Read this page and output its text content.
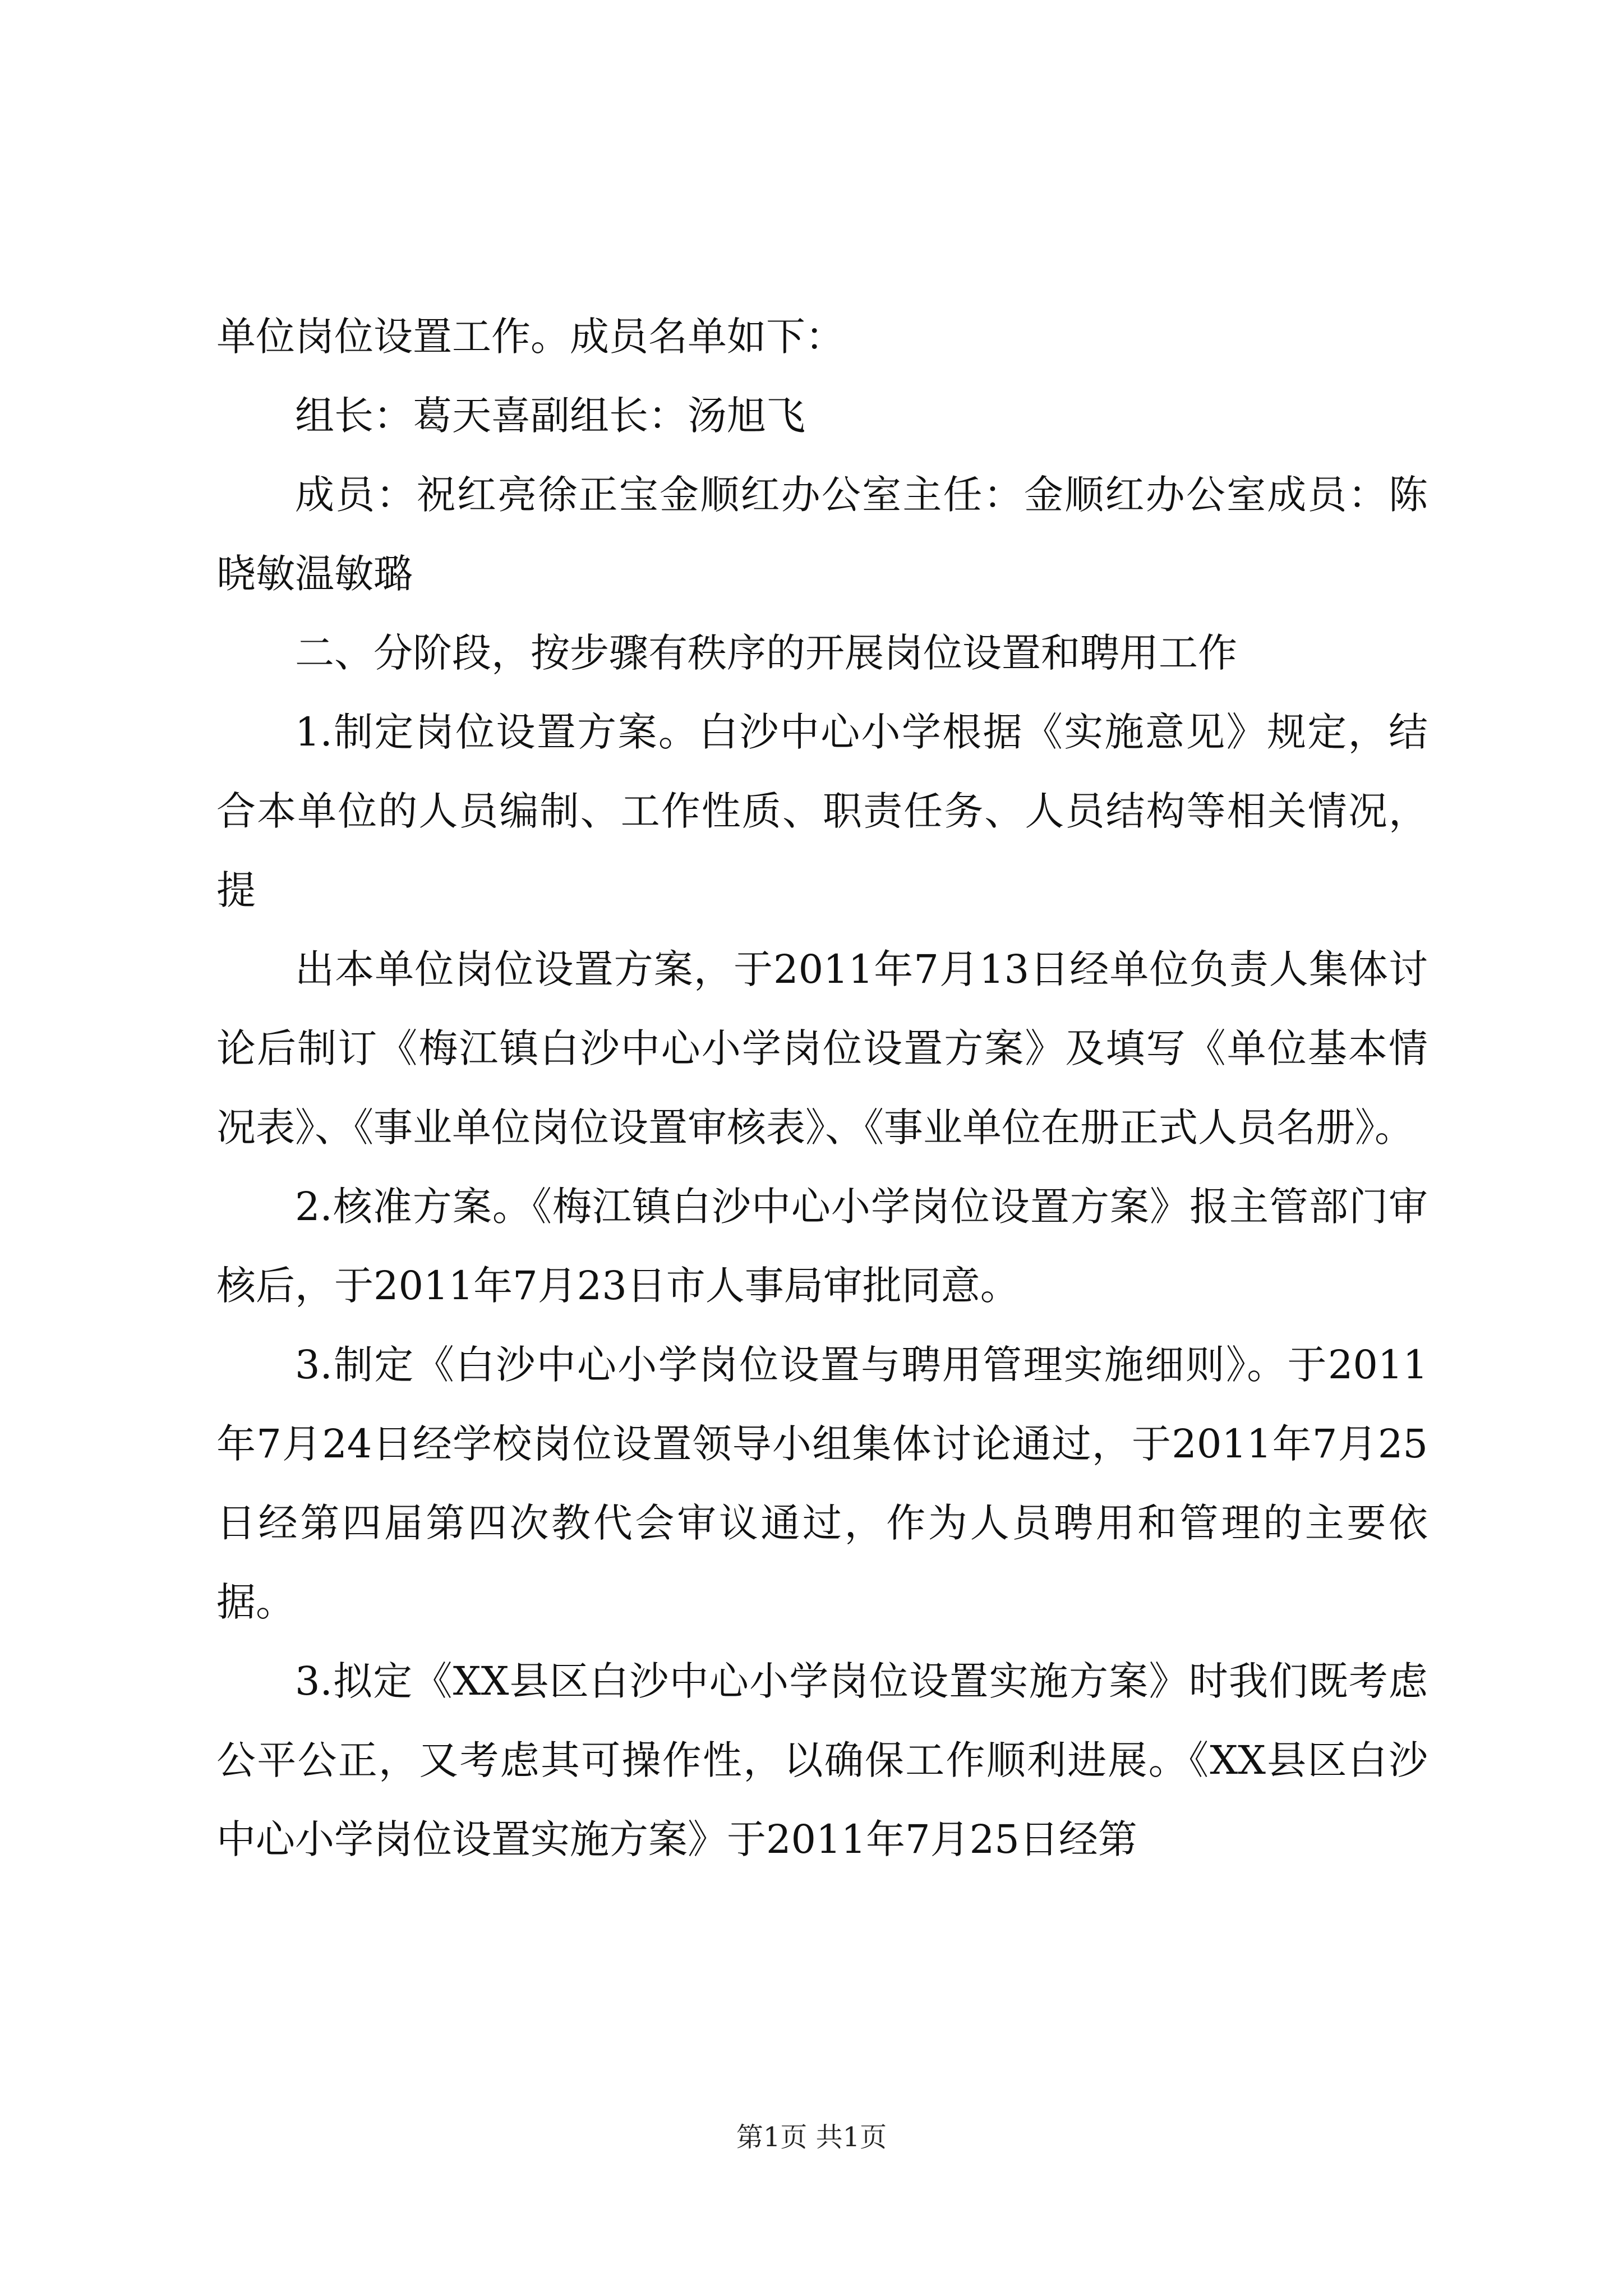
单位岗位设置工作。成员名单如下：

组长：葛天喜副组长：汤旭飞

成员：祝红亮徐正宝金顺红办公室主任：金顺红办公室成员：陈晓敏温敏璐

二、分阶段，按步骤有秩序的开展岗位设置和聘用工作

1.制定岗位设置方案。白沙中心小学根据《实施意见》规定，结合本单位的人员编制、工作性质、职责任务、人员结构等相关情况，提

出本单位岗位设置方案，于2011年7月13日经单位负责人集体讨论后制订《梅江镇白沙中心小学岗位设置方案》及填写《单位基本情况表》、《事业单位岗位设置审核表》、《事业单位在册正式人员名册》。

2.核准方案。《梅江镇白沙中心小学岗位设置方案》报主管部门审核后，于2011年7月23日市人事局审批同意。

3.制定《白沙中心小学岗位设置与聘用管理实施细则》。于2011年7月24日经学校岗位设置领导小组集体讨论通过，于2011年7月25日经第四届第四次教代会审议通过，作为人员聘用和管理的主要依据。

3.拟定《XX县区白沙中心小学岗位设置实施方案》时我们既考虑公平公正，又考虑其可操作性，以确保工作顺利进展。《XX县区白沙中心小学岗位设置实施方案》于2011年7月25日经第

第1页 共1页
